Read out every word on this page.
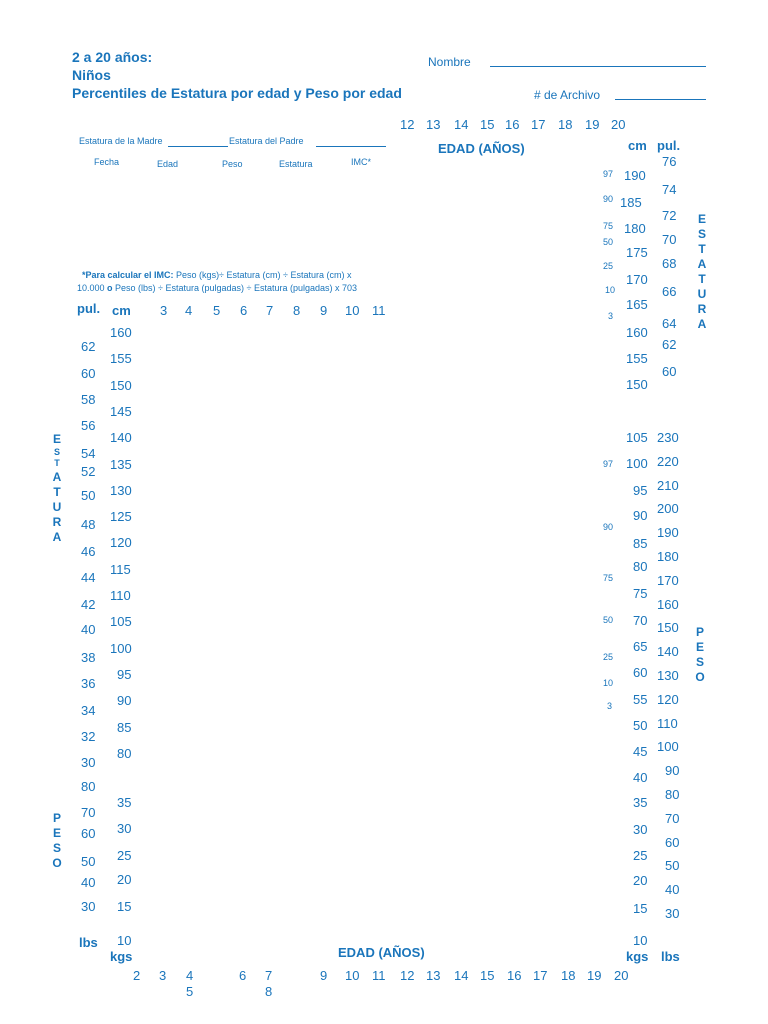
2 a 20 años:
Niños
Percentiles de Estatura por edad y Peso por edad
Nombre
# de Archivo
12 13 14 15 16 17 18 19 20
EDAD (AÑOS)
Estatura de la Madre	Estatura del Padre
Fecha	Edad	Peso	Estatura	IMC*
*Para calcular el IMC: Peso (kgs)÷ Estatura (cm) ÷ Estatura (cm) x
10.000 o Peso (lbs) ÷ Estatura (pulgadas) ÷ Estatura (pulgadas) x 703
pul. cm 3 4 5 6 7 8 9 10 11
160
155
150
145
140
135
130
125
120
115
110
105
100
95
90
85
80
62
60
58
56
54
52
50
48
46
44
42
40
38
36
34
32
30
35
30
25
20
15
10
80
70
60
50
40
30
E
S
T
A
T
U
R
A
P
E
S
O
cm pul.
190
185
180
175
170
165
160
155
150
76
74
72
70
68
66
64
62
60
105
100
95
90
85
80
75
70
65
60
55
50
45
40
35
30
25
20
15
10
230
220
210
200
190
180
170
160
150
140
130
120
110
100
90
80
70
60
50
40
30
97
90
75
50
25
10
3
97
90
75
50
25
10
3
E
S
T
A
T
U
R
A
P
E
S
O
lbs
kgs	EDAD (AÑOS)	kgs lbs
2 3 4
5
6 7
8
9 10 11 12 13 14 15 16 17 18 19 20
